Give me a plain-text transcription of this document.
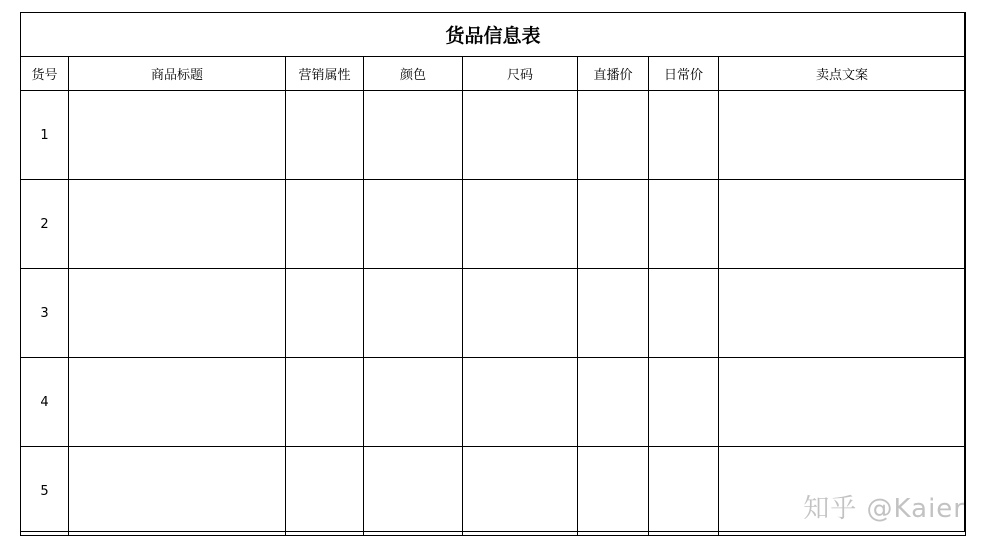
货品信息表							
货号	商品标题	营销属性	颜色	尺码	直播价	日常价	卖点文案
1							
2							
3							
4							
5							
知乎 @Kaier
